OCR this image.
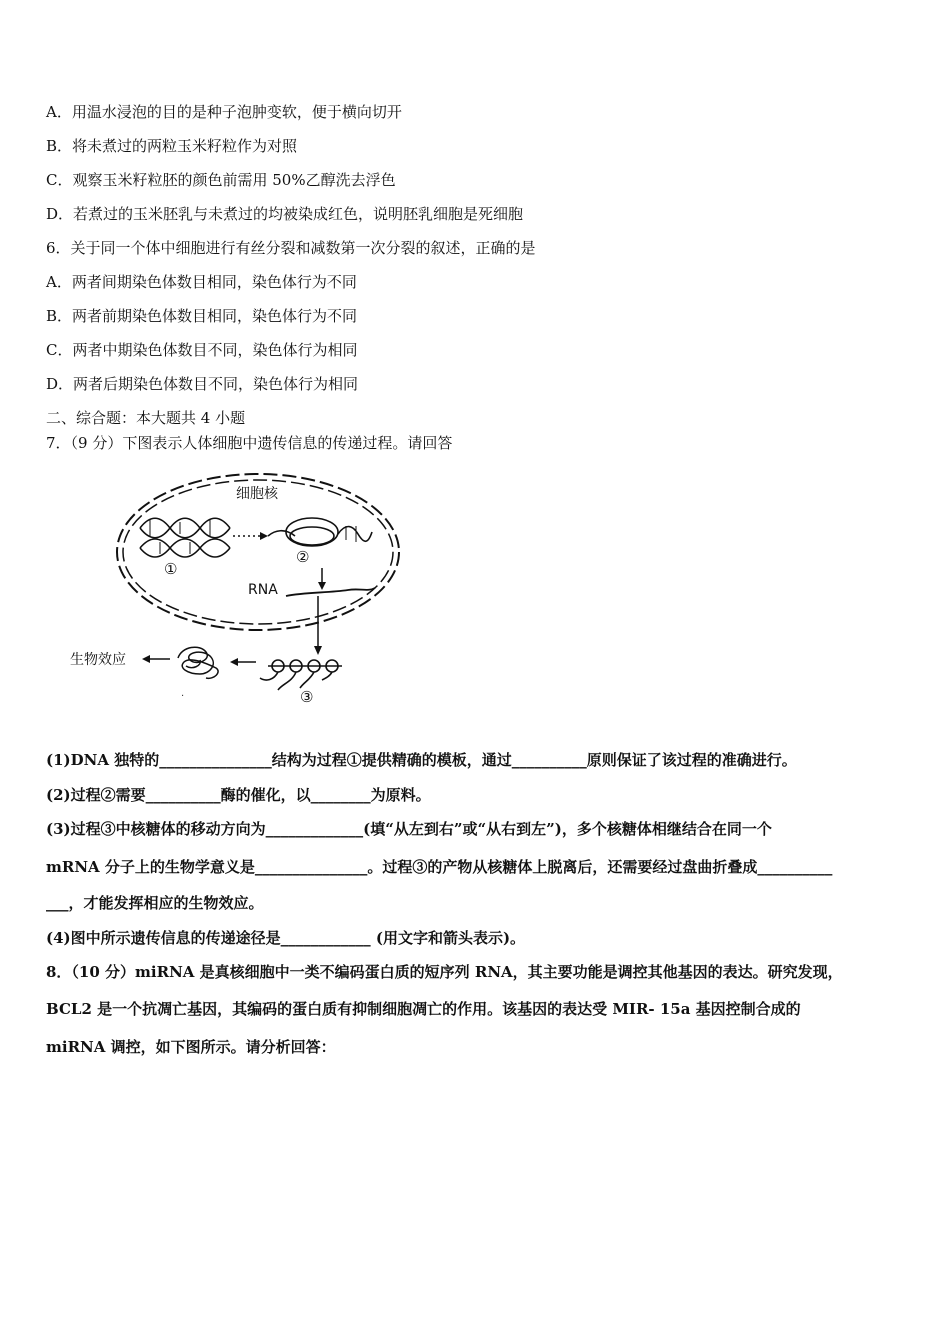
A．用温水浸泡的目的是种子泡肿变软，便于横向切开
B．将未煮过的两粒玉米籽粒作为对照
C．观察玉米籽粒胚的颜色前需用 50%乙醇洗去浮色
D．若煮过的玉米胚乳与未煮过的均被染成红色，说明胚乳细胞是死细胞
6．关于同一个体中细胞进行有丝分裂和减数第一次分裂的叙述，正确的是
A．两者间期染色体数目相同，染色体行为不同
B．两者前期染色体数目相同，染色体行为不同
C．两者中期染色体数目不同，染色体行为相同
D．两者后期染色体数目不同，染色体行为相同
二、综合题：本大题共 4 小题
7．（9 分）下图表示人体细胞中遗传信息的传递过程。请回答
细胞核
①
②
RNA
③
.
生物效应
(1)DNA 独特的_______________结构为过程①提供精确的模板，通过__________原则保证了该过程的准确进行。
(2)过程②需要__________酶的催化，以________为原料。
(3)过程③中核糖体的移动方向为_____________(填“从左到右”或“从右到左”)，多个核糖体相继结合在同一个
mRNA 分子上的生物学意义是_______________。过程③的产物从核糖体上脱离后，还需要经过盘曲折叠成__________
___，才能发挥相应的生物效应。
(4)图中所示遗传信息的传递途径是____________ (用文字和箭头表示)。
8．（10 分）miRNA 是真核细胞中一类不编码蛋白质的短序列 RNA，其主要功能是调控其他基因的表达。研究发现，
BCL2 是一个抗凋亡基因，其编码的蛋白质有抑制细胞凋亡的作用。该基因的表达受 MIR- 15a 基因控制合成的
miRNA 调控，如下图所示。请分析回答：
